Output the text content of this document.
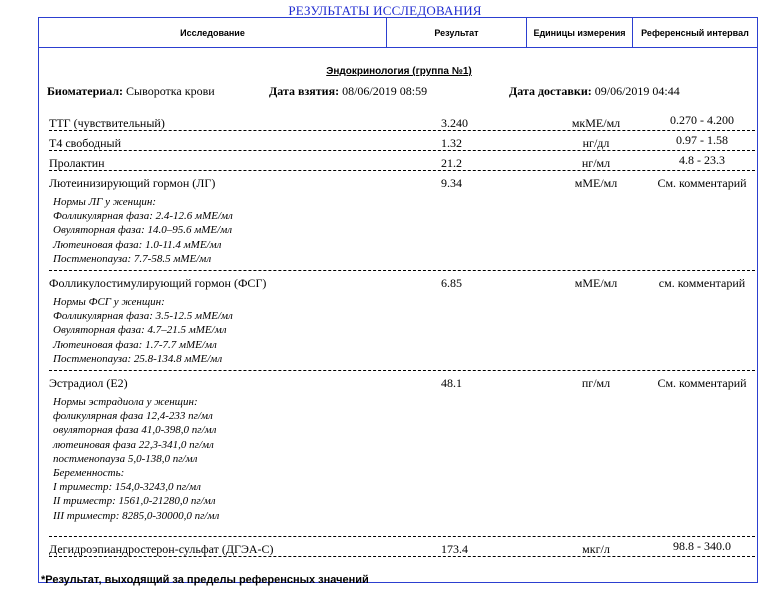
РЕЗУЛЬТАТЫ ИССЛЕДОВАНИЯ
Исследование	Результат	Единицы измерения	Референсный интервал
Эндокринология (группа №1)
Биоматериал: Сыворотка крови	Дата взятия: 08/06/2019 08:59	Дата доставки: 09/06/2019 04:44
ТТГ (чувствительный)	3.240	мкМЕ/мл	0.270 - 4.200
Т4 свободный	1.32	нг/дл	0.97 - 1.58
Пролактин	21.2	нг/мл	4.8 - 23.3
Лютеинизирующий гормон (ЛГ)	9.34	мМЕ/мл	См. комментарий
Нормы ЛГ у женщин:
Фолликулярная фаза: 2.4-12.6 мМЕ/мл
Овуляторная фаза: 14.0–95.6 мМЕ/мл
Лютеиновая фаза: 1.0-11.4 мМЕ/мл
Постменопауза: 7.7-58.5 мМЕ/мл
Фолликулостимулирующий гормон (ФСГ)	6.85	мМЕ/мл	см. комментарий
Нормы ФСГ у женщин:
Фолликулярная фаза: 3.5-12.5 мМЕ/мл
Овуляторная фаза: 4.7–21.5 мМЕ/мл
Лютеиновая фаза: 1.7-7.7 мМЕ/мл
Постменопауза: 25.8-134.8 мМЕ/мл
Эстрадиол (Е2)	48.1	пг/мл	См. комментарий
Нормы эстрадиола у женщин:
фоликулярная фаза 12,4-233 пг/мл
овуляторная фаза 41,0-398,0 пг/мл
лютеиновая фаза 22,3-341,0 пг/мл
постменопауза 5,0-138,0 пг/мл
Беременность:
I триместр: 154,0-3243,0 пг/мл
II триместр: 1561,0-21280,0 пг/мл
III триместр: 8285,0-30000,0 пг/мл
Дегидроэпиандростерон-сульфат (ДГЭА-С)	173.4	мкг/л	98.8 - 340.0
*Результат, выходящий за пределы референсных значений
